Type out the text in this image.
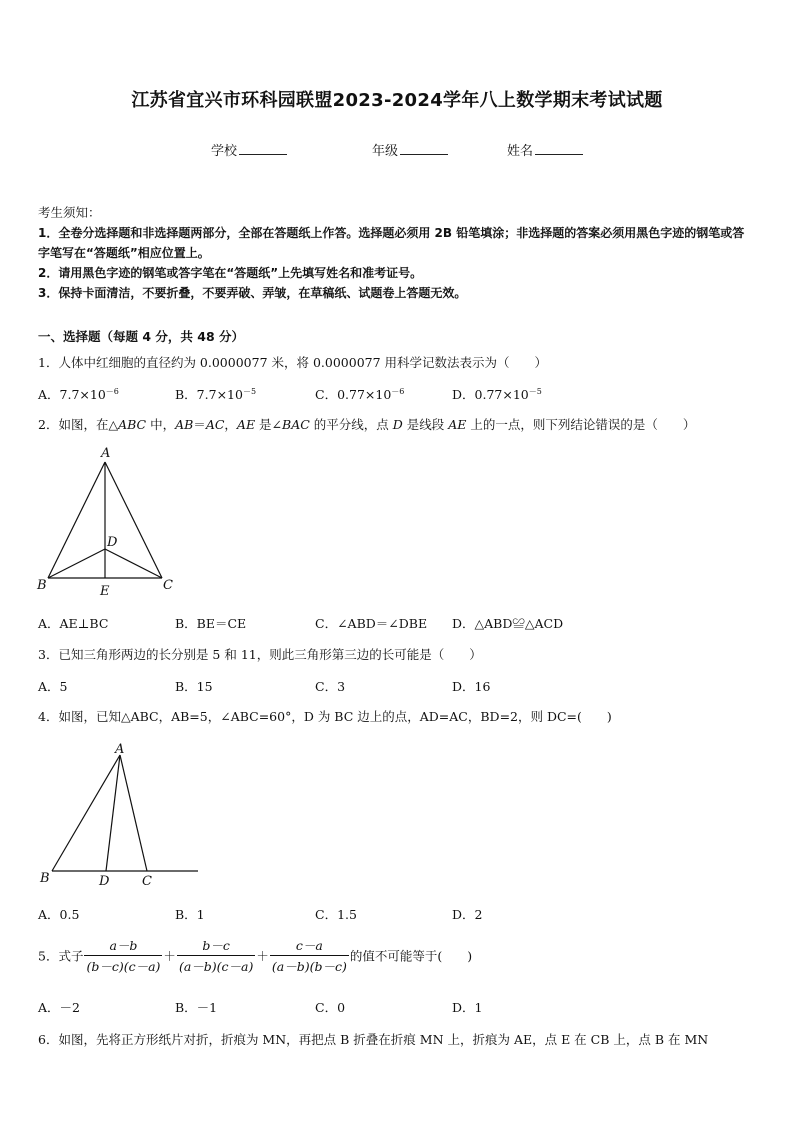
江苏省宜兴市环科园联盟2023-2024学年八上数学期末考试试题
学校	年级	姓名
考生须知：
1．全卷分选择题和非选择题两部分，全部在答题纸上作答。选择题必须用 2B 铅笔填涂；非选择题的答案必须用黑色字迹的钢笔或答字笔写在“答题纸”相应位置上。
2．请用黑色字迹的钢笔或答字笔在“答题纸”上先填写姓名和准考证号。
3．保持卡面清洁，不要折叠，不要弄破、弄皱，在草稿纸、试题卷上答题无效。
一、选择题（每题 4 分，共 48 分）
1．人体中红细胞的直径约为 0.0000077 米，将 0.0000077 用科学记数法表示为（　　）
A．$7.7\times 10^{-6}$	B．$7.7\times 10^{-5}$	C．$0.77\times 10^{-6}$	D．$0.77\times 10^{-5}$
2．如图，在△ABC 中，AB＝AC，AE 是∠BAC 的平分线，点 D 是线段 AE 上的一点，则下列结论错误的是（　　）
A
B	C
D
E
A．AE⊥BC	B．BE＝CE	C．∠ABD＝∠DBE D．△ABD≌△ACD
3．已知三角形两边的长分别是 5 和 11，则此三角形第三边的长可能是（　　）
A．5	B．15	C．3	D．16
4．如图，已知△ABC，AB=5，∠ABC=60°，D 为 BC 边上的点，AD=AC，BD=2，则 DC=(　　)
A
B	D	C
A．0.5	B．1	C．1.5	D．2
5．式子 $\frac{a-b}{(b-c)(c-a)} + \frac{b-c}{(a-b)(c-a)} + \frac{c-a}{(a-b)(b-c)}$ 的值不可能等于(　　)
A．－2	B．－1	C．0	D．1
6．如图，先将正方形纸片对折，折痕为 MN，再把点 B 折叠在折痕 MN 上，折痕为 AE，点 E 在 CB 上，点 B 在 MN
